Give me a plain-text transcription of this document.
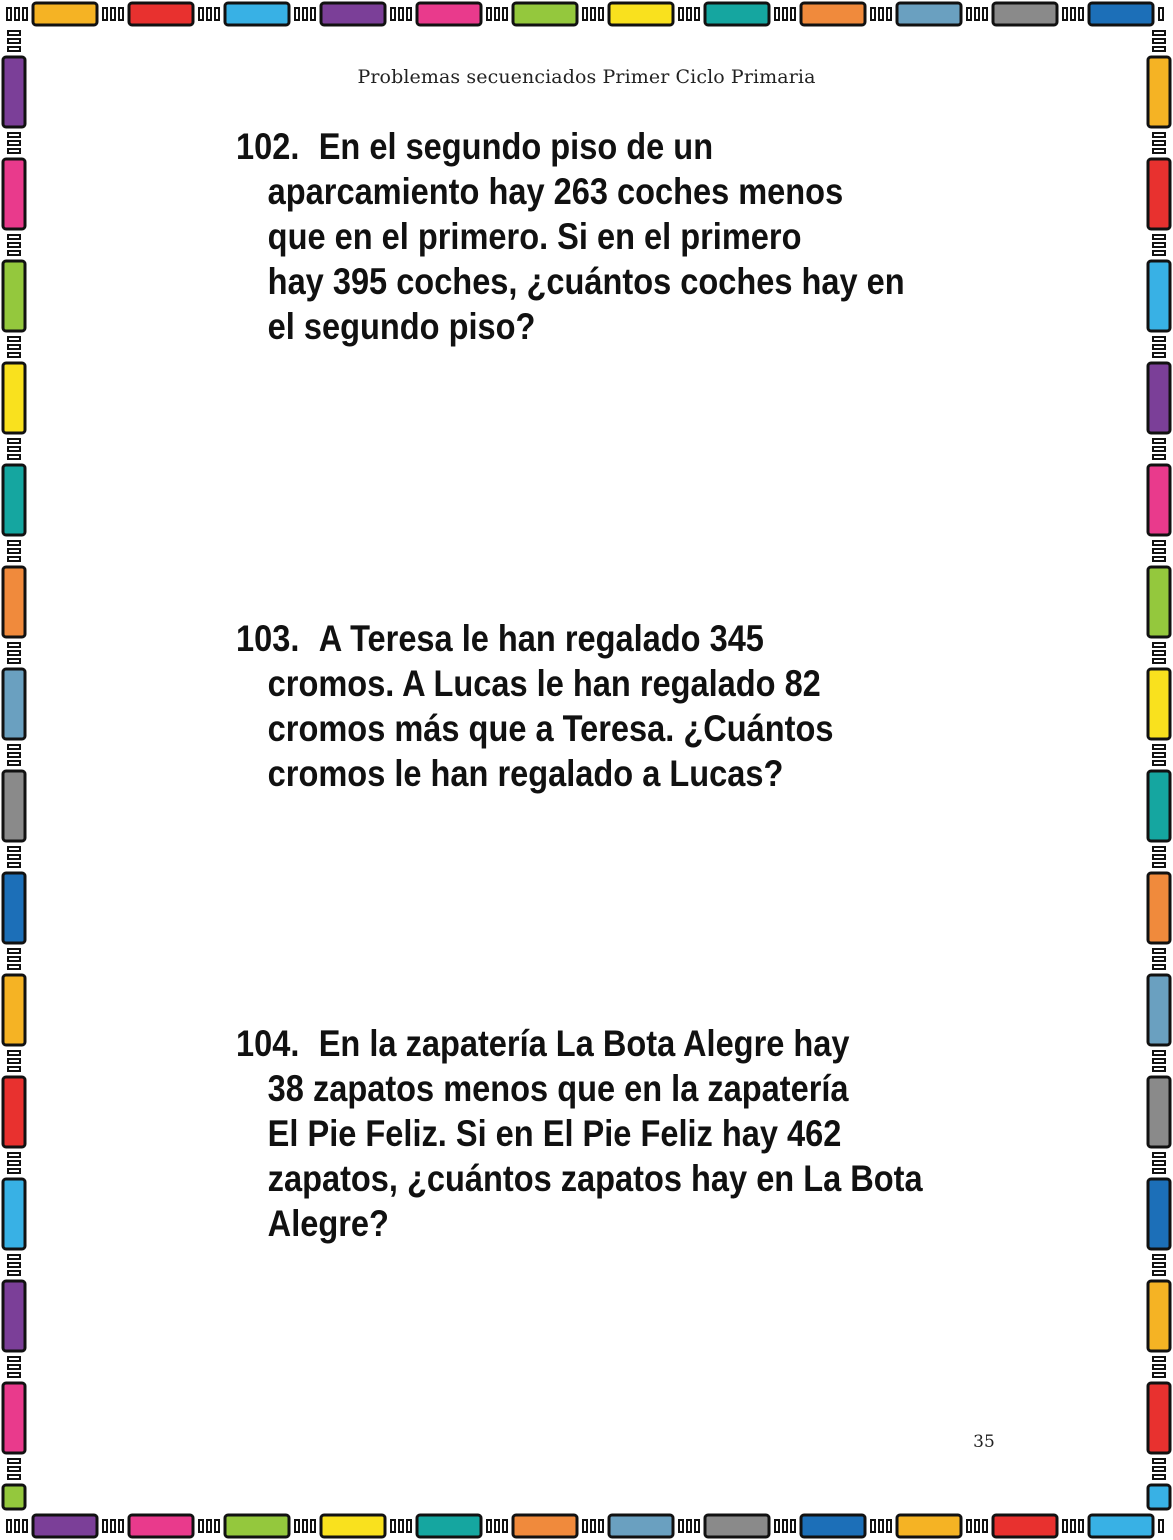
Problemas secuenciados Primer Ciclo Primaria
102. En el segundo piso de un
aparcamiento hay 263 coches menos
que en el primero. Si en el primero
hay 395 coches, ¿cuántos coches hay en
el segundo piso?
103. A Teresa le han regalado 345
cromos. A Lucas le han regalado 82
cromos más que a Teresa. ¿Cuántos
cromos le han regalado a Lucas?
104. En la zapatería La Bota Alegre hay
38 zapatos menos que en la zapatería
El Pie Feliz. Si en El Pie Feliz hay 462
zapatos, ¿cuántos zapatos hay en La Bota
Alegre?
35
